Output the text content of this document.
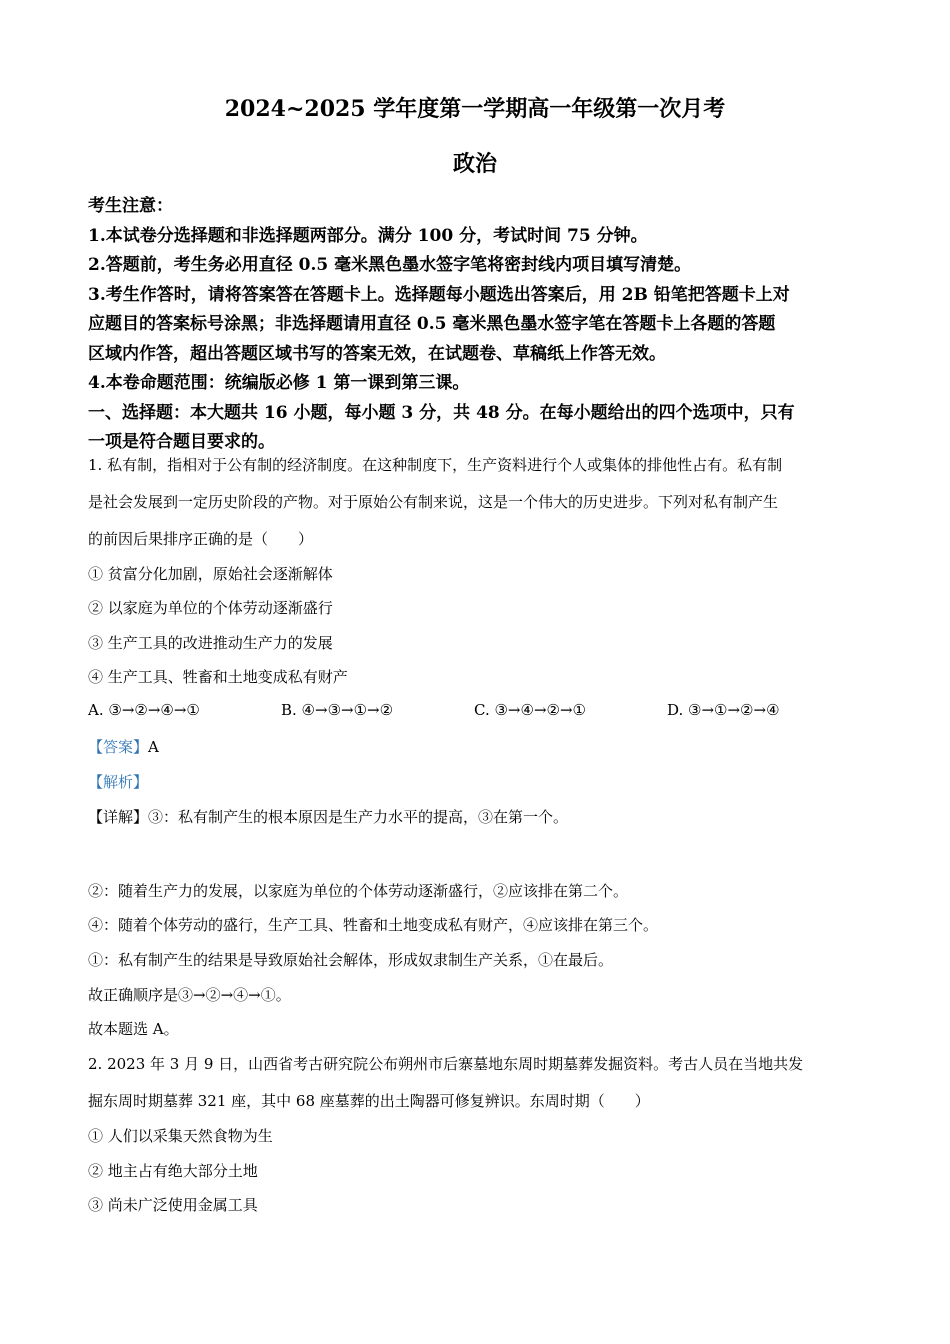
2024~2025 学年度第一学期高一年级第一次月考
政治
考生注意：
1.本试卷分选择题和非选择题两部分。满分 100 分，考试时间 75 分钟。
2.答题前，考生务必用直径 0.5 毫米黑色墨水签字笔将密封线内项目填写清楚。
3.考生作答时，请将答案答在答题卡上。选择题每小题选出答案后，用 2B 铅笔把答题卡上对
应题目的答案标号涂黑；非选择题请用直径 0.5 毫米黑色墨水签字笔在答题卡上各题的答题
区域内作答，超出答题区域书写的答案无效，在试题卷、草稿纸上作答无效。
4.本卷命题范围：统编版必修 1 第一课到第三课。
一、选择题：本大题共 16 小题，每小题 3 分，共 48 分。在每小题给出的四个选项中，只有
一项是符合题目要求的。
1. 私有制，指相对于公有制的经济制度。在这种制度下，生产资料进行个人或集体的排他性占有。私有制
是社会发展到一定历史阶段的产物。对于原始公有制来说，这是一个伟大的历史进步。下列对私有制产生
的前因后果排序正确的是（　　）
① 贫富分化加剧，原始社会逐渐解体
② 以家庭为单位的个体劳动逐渐盛行
③ 生产工具的改进推动生产力的发展
④ 生产工具、牲畜和土地变成私有财产
A. ③→②→④→①	B. ④→③→①→②	C. ③→④→②→①	D. ③→①→②→④
【答案】A
【解析】
【详解】③：私有制产生的根本原因是生产力水平的提高，③在第一个。
②：随着生产力的发展，以家庭为单位的个体劳动逐渐盛行，②应该排在第二个。
④：随着个体劳动的盛行，生产工具、牲畜和土地变成私有财产，④应该排在第三个。
①：私有制产生的结果是导致原始社会解体，形成奴隶制生产关系，①在最后。
故正确顺序是③→②→④→①。
故本题选 A。
2. 2023 年 3 月 9 日，山西省考古研究院公布朔州市后寨墓地东周时期墓葬发掘资料。考古人员在当地共发
掘东周时期墓葬 321 座，其中 68 座墓葬的出土陶器可修复辨识。东周时期（　　）
① 人们以采集天然食物为生
② 地主占有绝大部分土地
③ 尚未广泛使用金属工具
